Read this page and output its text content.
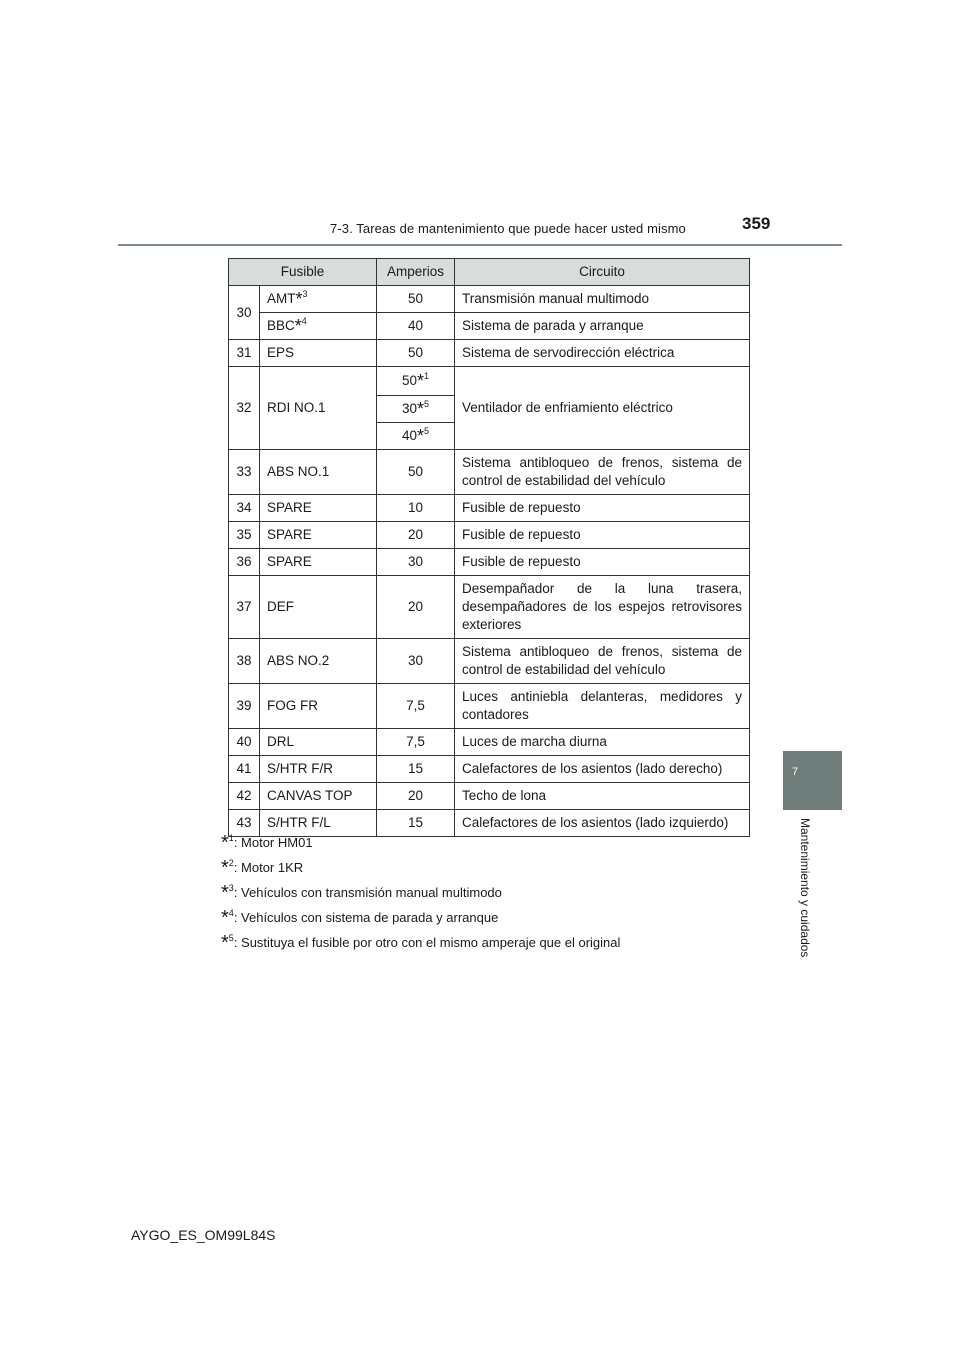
7-3. Tareas de mantenimiento que puede hacer usted mismo	359
7
Mantenimiento y cuidados
Fusible		Amperios	Circuito
30	AMT*$^3$	50	Transmisión manual multimodo
	BBC*$^4$	40	Sistema de parada y arranque
31	EPS	50	Sistema de servodirección eléctrica
32	RDI NO.1	50*$^1$	Ventilador de enfriamiento eléctrico
		30*$^5$
		40*$^5$
33	ABS NO.1	50	Sistema antibloqueo de frenos, sistema de control de estabilidad del vehículo
34	SPARE	10	Fusible de repuesto
35	SPARE	20	Fusible de repuesto
36	SPARE	30	Fusible de repuesto
37	DEF	20	Desempañador de la luna trasera, desempañadores de los espejos retrovisores exteriores
38	ABS NO.2	30	Sistema antibloqueo de frenos, sistema de control de estabilidad del vehículo
39	FOG FR	7,5	Luces antiniebla delanteras, medidores y contadores
40	DRL	7,5	Luces de marcha diurna
41	S/HTR F/R	15	Calefactores de los asientos (lado derecho)
42	CANVAS TOP	20	Techo de lona
43	S/HTR F/L	15	Calefactores de los asientos (lado izquierdo)
*$^1$: Motor HM01
*$^2$: Motor 1KR
*$^3$: Vehículos con transmisión manual multimodo
*$^4$: Vehículos con sistema de parada y arranque
*$^5$: Sustituya el fusible por otro con el mismo amperaje que el original
AYGO_ES_OM99L84S
